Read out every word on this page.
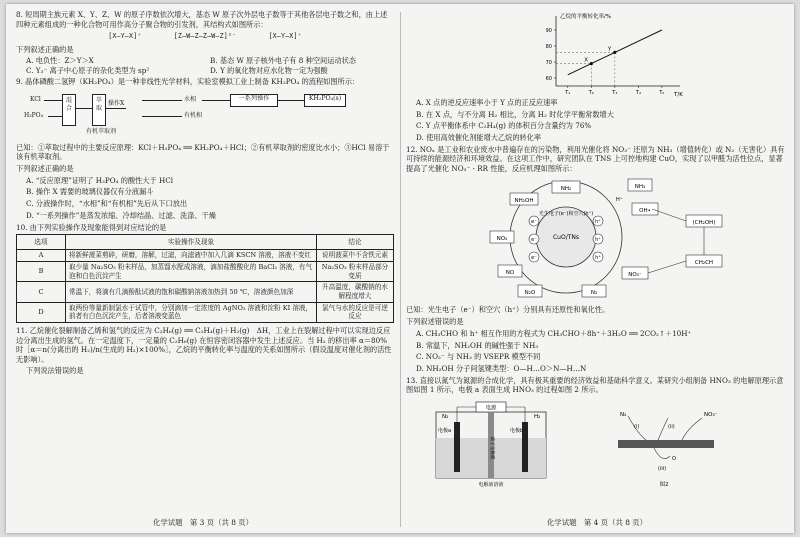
8. 短周期主族元素 X、Y、Z、W 的原子序数依次增大，基态 W 原子次外层电子数等于其他各层电子数之和，由上述四种元素组成的一种化合物可用作高分子聚合物的引发剂，其结构式如图所示：

[X—Y—X]⁺	[Z—W—Z—Z—W—Z]²⁻	[X—Y—X]⁺

下列叙述正确的是

A. 电负性：Z＞Y＞X	B. 基态 W 原子核外电子有 8 种空间运动状态
C. Y₃⁻ 离子中心原子的杂化类型为 sp²	D. Y 的氧化物对应水化物一定为强酸

9. 晶体磷酸二氢钾（KH₂PO₄）是一种非线性光学材料，实验室模拟工业上制备 KH₂PO₄ 的流程如图所示：

KCl
H₃PO₄
混合
萃取
有机萃取剂
操作X
水相
有机相
一系列操作	KH₂PO₄(s)

已知：①萃取过程中的主要反应原理：KCl＋H₃PO₄ ══ KH₂PO₄＋HCl；②有机萃取剂的密度比水小；③HCl 易溶于该有机萃取剂。

下列叙述正确的是

A. “反应原理”证明了 H₃PO₄ 的酸性大于 HCl

B. 操作 X 需要的玻璃仪器仅有分液漏斗

C. 分液操作时，“水相”和“有机相”先后从下口放出

D. “一系列操作”是蒸发浓缩、冷却结晶、过滤、洗涤、干燥

10. 由下列实验操作及现象能得到对应结论的是

选项	实验操作及现象	结论
A	将新鲜菠菜剪碎，研磨，溶解，过滤，向滤液中加入几滴 KSCN 溶液，溶液不变红	说明菠菜中不含铁元素
B	取少量 Na₂SO₃ 粉末样品，加蒸馏水配成溶液，滴加盐酸酸化的 BaCl₂ 溶液，有气泡和白色沉淀产生	Na₂SO₃ 粉末样品部分变质
C	常温下，将滴有几滴酚酞试液的饱和碳酸钠溶液加热到 50 ℃，溶液颜色加深	升高温度，碳酸钠的水解程度增大
D	取两份等量新制氯水于试管中，分别滴加一定浓度的 AgNO₃ 溶液和淀粉 KI 溶液，前者有白色沉淀产生，后者溶液变蓝色	氯气与水的反应是可逆反应

11. 乙烷催化裂解制备乙烯和氢气的反应为 C₂H₆(g) ══ C₂H₄(g)＋H₂(g)　ΔH，工业上在裂解过程中可以实现边反应边分离出生成的氢气。在一定温度下，一定量的 C₂H₆(g) 在恒容密闭容器中发生上述反应。当 H₂ 的移出率 α＝80% 时［α＝n(分离出的 H₂)/n(生成的 H₂)×100%］，乙烷的平衡转化率与温度的关系如图所示（假设温度对催化剂的活性无影响）。

下列说法错误的是

化学试题　第 3 页（共 8 页）
乙烷的平衡转化率/%
T/K
60
70
80
90
T₁	T₂	T₃	T₄	T₅
X
Y

A. X 点的逆反应速率小于 Y 点的正反应速率

B. 在 X 点，与不分离 H₂ 相比，分离 H₂ 时化学平衡常数增大

C. Y 点平衡体系中 C₂H₄(g) 的体积百分含量约为 76%

D. 使用高效催化剂能增大乙烷的转化率

12. NOₓ 是工业和农业废水中普遍存在的污染物，利用光催化将 NO₃⁻ 还原为 NH₃（增值转化）或 N₂（无害化）具有可持续的能源经济和环境效益。在这项工作中，研究团队在 TNS 上可控地构建 CuO，实现了以甲醛为活性位点，显著提高了光催化 NO₃⁻ - RR 性能，反应机理如图所示：

CuO/TNs
光生电子(e⁻)和空穴(h⁺)
e⁻
e⁻
e⁻
h⁺
h⁺
h⁺
NH₂OH
NH₂	NH₃
NO₂
NO
N₂O	N₂
NO₃⁻
OH•
(CH₂OH)
CH₂CH
H⁺

已知：光生电子（e⁻）和空穴（h⁺）分别具有还原性和氧化性。

下列叙述错误的是

A. CH₃CHO 和 h⁺ 相互作用的方程式为 CH₃CHO＋8h⁺＋3H₂O ══ 2CO₂↑＋10H⁺

B. 常温下，NH₂OH 的碱性强于 NH₃

C. NO₂⁻ 与 NH₃ 的 VSEPR 模型不同

D. NH₂OH 分子间氢键类型：O—H…O＞N—H…N

13. 直接以氮气为氮源的合成化学，具有极其重要的经济效益和基础科学意义。某研究小组制备 HNO₃ 的电解原理示意图如图 1 所示，电极 a 表面生成 HNO₃ 的过程如图 2 所示。

电源
N₂	H₂
电极a	电极b
质子交换膜
电解液溶液
N₂	NO₃⁻
(i)	(ii)
(iii)
O
图2
化学试题　第 4 页（共 8 页）
